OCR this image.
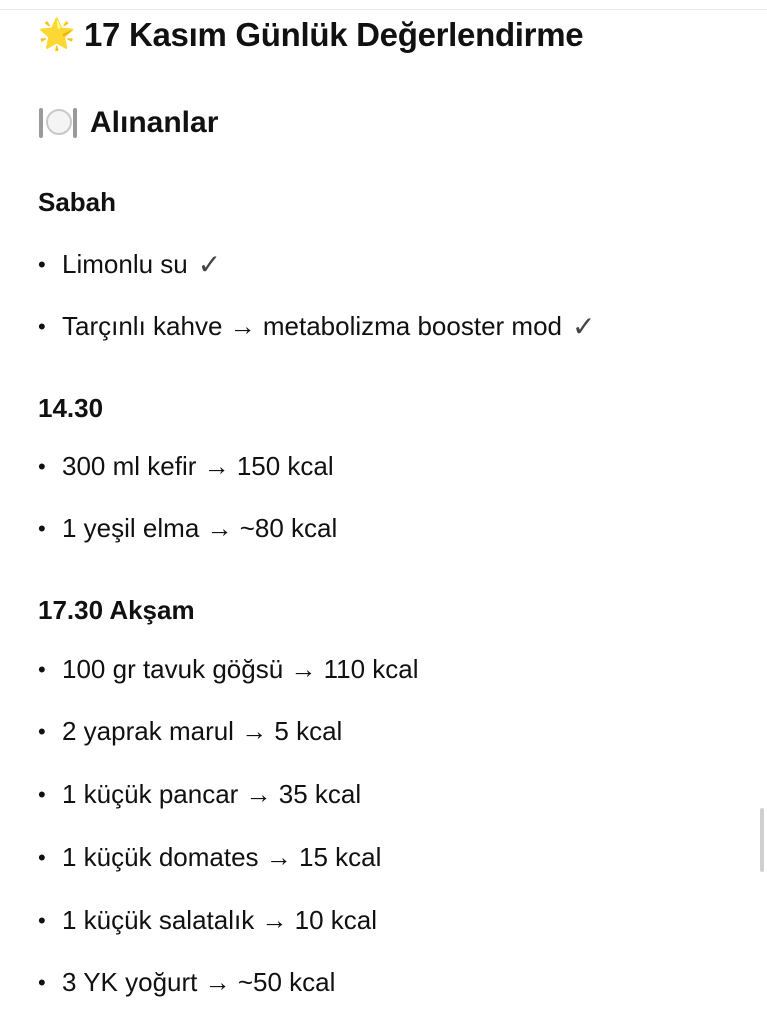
🌟 17 Kasım Günlük Değerlendirme
Alınanlar
Sabah
• Limonlu su ✓
• Tarçınlı kahve → metabolizma booster mod ✓
14.30
• 300 ml kefir → 150 kcal
• 1 yeşil elma → ~80 kcal
17.30 Akşam
• 100 gr tavuk göğsü → 110 kcal
• 2 yaprak marul → 5 kcal
• 1 küçük pancar → 35 kcal
• 1 küçük domates → 15 kcal
• 1 küçük salatalık → 10 kcal
• 3 YK yoğurt → ~50 kcal
